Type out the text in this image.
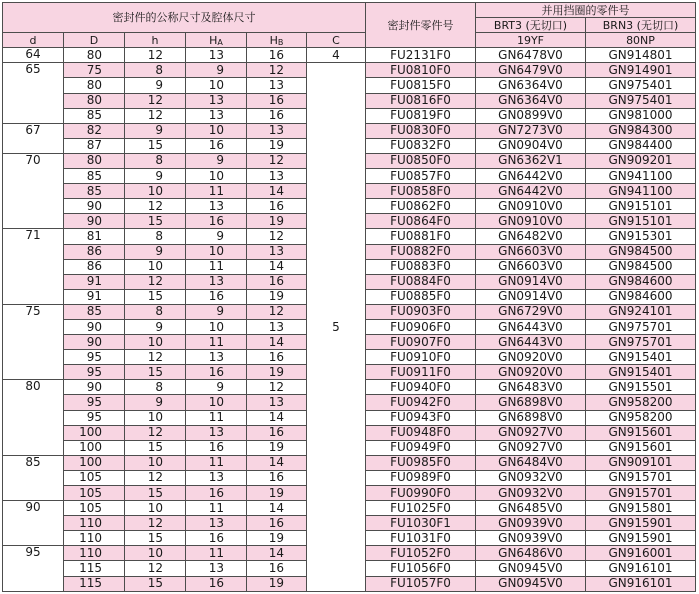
密封件的公称尺寸及腔体尺寸						密封件零件号	并用挡圈的零件号	
							BRT3 (无切口)	BRN3 (无切口)
d	D	h	$H_A$	$H_B$	C		19YF	80NP
64	80	12	13	16	4	FU2131F0	GN6478V0	GN914801
65	75	8	9	12	5	FU0810F0	GN6479V0	GN914901
	80	9	10	13		FU0815F0	GN6364V0	GN975401
	80	12	13	16		FU0816F0	GN6364V0	GN975401
	85	12	13	16		FU0819F0	GN0899V0	GN981000
67	82	9	10	13		FU0830F0	GN7273V0	GN984300
	87	15	16	19		FU0832F0	GN0904V0	GN984400
70	80	8	9	12		FU0850F0	GN6362V1	GN909201
	85	9	10	13		FU0857F0	GN6442V0	GN941100
	85	10	11	14		FU0858F0	GN6442V0	GN941100
	90	12	13	16		FU0862F0	GN0910V0	GN915101
	90	15	16	19		FU0864F0	GN0910V0	GN915101
71	81	8	9	12		FU0881F0	GN6482V0	GN915301
	86	9	10	13		FU0882F0	GN6603V0	GN984500
	86	10	11	14		FU0883F0	GN6603V0	GN984500
	91	12	13	16		FU0884F0	GN0914V0	GN984600
	91	15	16	19		FU0885F0	GN0914V0	GN984600
75	85	8	9	12		FU0903F0	GN6729V0	GN924101
	90	9	10	13		FU0906F0	GN6443V0	GN975701
	90	10	11	14		FU0907F0	GN6443V0	GN975701
	95	12	13	16		FU0910F0	GN0920V0	GN915401
	95	15	16	19		FU0911F0	GN0920V0	GN915401
80	90	8	9	12		FU0940F0	GN6483V0	GN915501
	95	9	10	13		FU0942F0	GN6898V0	GN958200
	95	10	11	14		FU0943F0	GN6898V0	GN958200
	100	12	13	16		FU0948F0	GN0927V0	GN915601
	100	15	16	19		FU0949F0	GN0927V0	GN915601
85	100	10	11	14		FU0985F0	GN6484V0	GN909101
	105	12	13	16		FU0989F0	GN0932V0	GN915701
	105	15	16	19		FU0990F0	GN0932V0	GN915701
90	105	10	11	14		FU1025F0	GN6485V0	GN915801
	110	12	13	16		FU1030F1	GN0939V0	GN915901
	110	15	16	19		FU1031F0	GN0939V0	GN915901
95	110	10	11	14		FU1052F0	GN6486V0	GN916001
	115	12	13	16		FU1056F0	GN0945V0	GN916101
	115	15	16	19		FU1057F0	GN0945V0	GN916101
